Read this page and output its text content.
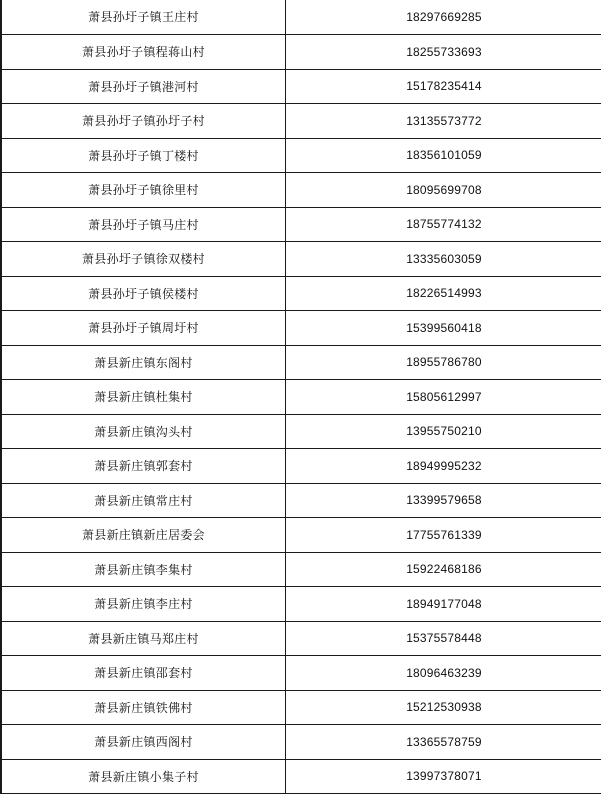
萧县孙圩子镇王庄村	18297669285
萧县孙圩子镇程蒋山村	18255733693
萧县孙圩子镇港河村	15178235414
萧县孙圩子镇孙圩子村	13135573772
萧县孙圩子镇丁楼村	18356101059
萧县孙圩子镇徐里村	18095699708
萧县孙圩子镇马庄村	18755774132
萧县孙圩子镇徐双楼村	13335603059
萧县孙圩子镇侯楼村	18226514993
萧县孙圩子镇周圩村	15399560418
萧县新庄镇东阁村	18955786780
萧县新庄镇杜集村	15805612997
萧县新庄镇沟头村	13955750210
萧县新庄镇郭套村	18949995232
萧县新庄镇常庄村	13399579658
萧县新庄镇新庄居委会	17755761339
萧县新庄镇李集村	15922468186
萧县新庄镇李庄村	18949177048
萧县新庄镇马郑庄村	15375578448
萧县新庄镇邵套村	18096463239
萧县新庄镇铁佛村	15212530938
萧县新庄镇西阁村	13365578759
萧县新庄镇小集子村	13997378071
